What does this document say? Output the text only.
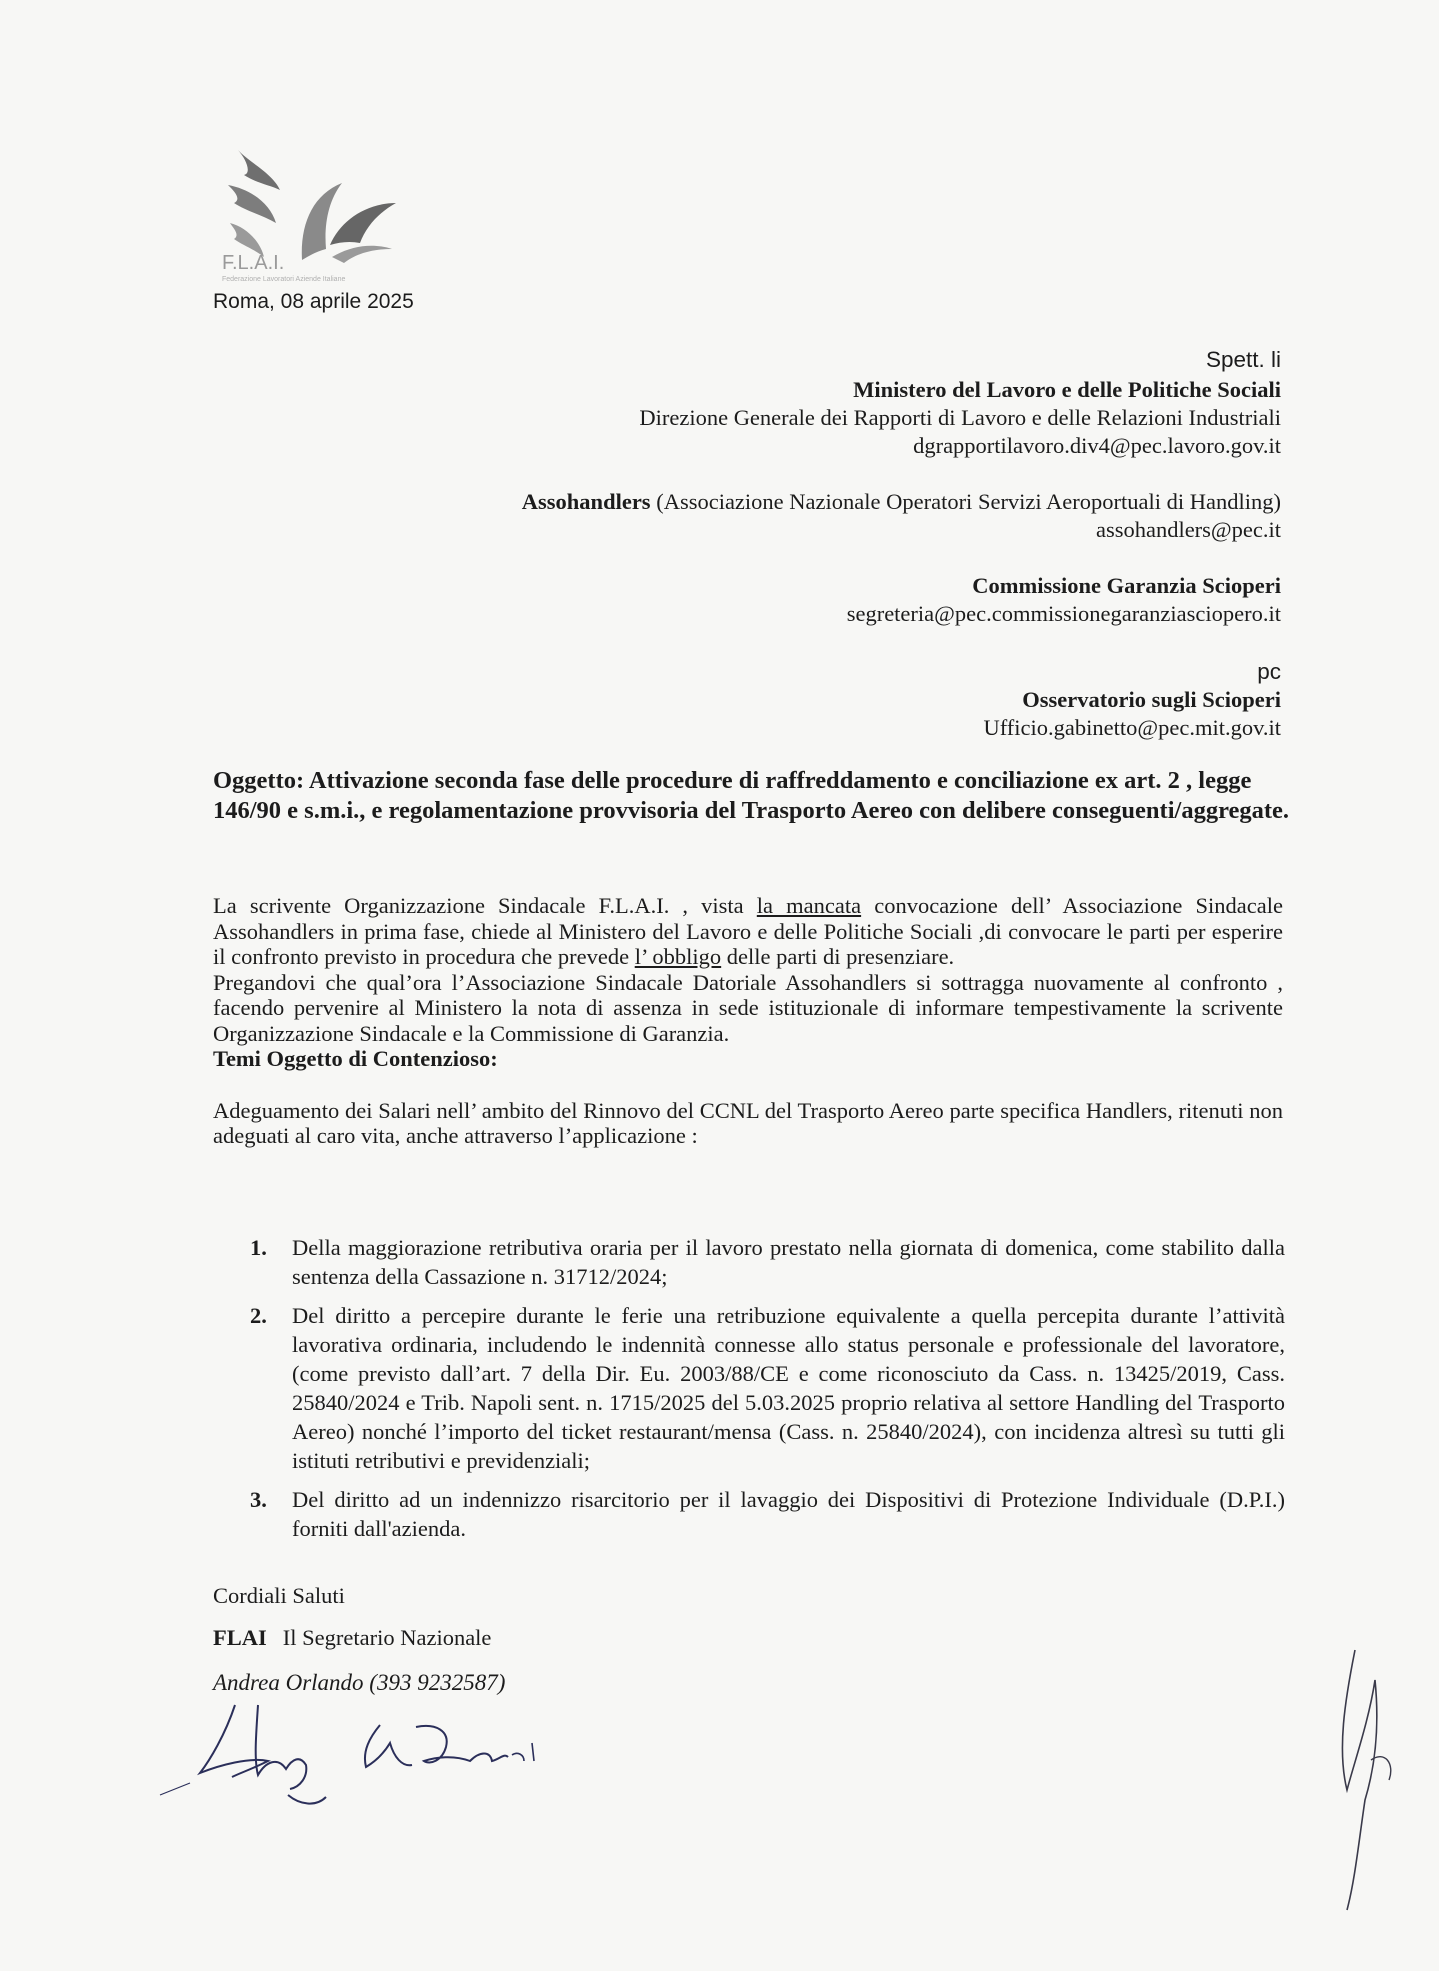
F.L.A.I.
Federazione Lavoratori Aziende Italiane
Roma, 08 aprile 2025
Spett. li
Ministero del Lavoro e delle Politiche Sociali
Direzione Generale dei Rapporti di Lavoro e delle Relazioni Industriali
dgrapportilavoro.div4@pec.lavoro.gov.it
Assohandlers (Associazione Nazionale Operatori Servizi Aeroportuali di Handling)
assohandlers@pec.it
Commissione Garanzia Scioperi
segreteria@pec.commissionegaranziasciopero.it
pc
Osservatorio sugli Scioperi
Ufficio.gabinetto@pec.mit.gov.it
Oggetto: Attivazione seconda fase delle procedure di raffreddamento e conciliazione ex art. 2 , legge 146/90 e s.m.i., e regolamentazione provvisoria del Trasporto Aereo con delibere conseguenti/aggregate.

La scrivente Organizzazione Sindacale F.L.A.I. , vista la mancata convocazione dell’ Associazione Sindacale Assohandlers in prima fase, chiede al Ministero del Lavoro e delle Politiche Sociali ,di convocare le parti per esperire il confronto previsto in procedura che prevede l’ obbligo delle parti di presenziare.

Pregandovi che qual’ora l’Associazione Sindacale Datoriale Assohandlers si sottragga nuovamente al confronto , facendo pervenire al Ministero la nota di assenza in sede istituzionale di informare tempestivamente la scrivente Organizzazione Sindacale e la Commissione di Garanzia.

Temi Oggetto di Contenzioso:

Adeguamento dei Salari nell’ ambito del Rinnovo del CCNL del Trasporto Aereo parte specifica Handlers, ritenuti non adeguati al caro vita, anche attraverso l’applicazione :

1. Della maggiorazione retributiva oraria per il lavoro prestato nella giornata di domenica, come stabilito dalla sentenza della Cassazione n. 31712/2024;
2. Del diritto a percepire durante le ferie una retribuzione equivalente a quella percepita durante l’attività lavorativa ordinaria, includendo le indennità connesse allo status personale e professionale del lavoratore, (come previsto dall’art. 7 della Dir. Eu. 2003/88/CE e come riconosciuto da Cass. n. 13425/2019, Cass. 25840/2024 e Trib. Napoli sent. n. 1715/2025 del 5.03.2025 proprio relativa al settore Handling del Trasporto Aereo) nonché l’importo del ticket restaurant/mensa (Cass. n. 25840/2024), con incidenza altresì su tutti gli istituti retributivi e previdenziali;
3. Del diritto ad un indennizzo risarcitorio per il lavaggio dei Dispositivi di Protezione Individuale (D.P.I.) forniti dall'azienda.
Cordiali Saluti
FLAI Il Segretario Nazionale
Andrea Orlando (393 9232587)
